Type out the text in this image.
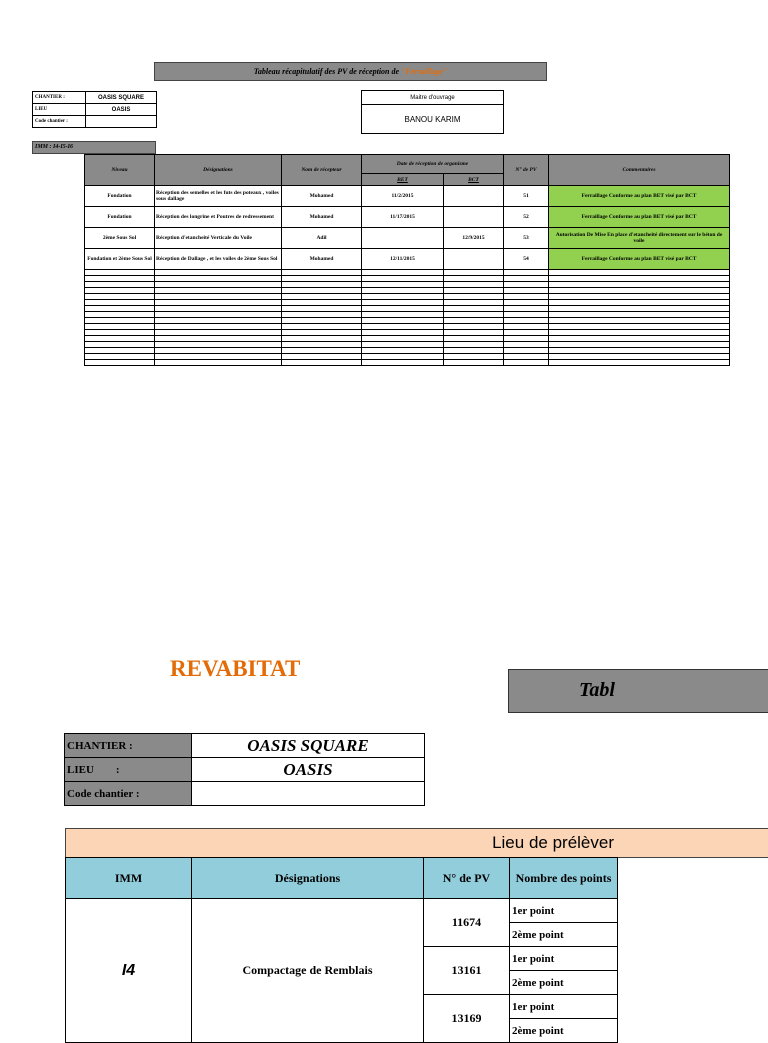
Tableau récapitulatif des PV de réception de "Ferraillage"
CHANTIER :	OASIS SQUARE
LIEU	OASIS
Code chantier :	
Maitre d'ouvrage
BANOU KARIM
IMM : I4-I5-I6
Niveau	Désignations	Nom de récepteur	Date de réception de organisme		N° de PV	Commentaires
			BET	BCT		
Fondation	Réception des semelles et les futs des poteaux , voiles sous dallage	Mohamed	11/2/2015		51	Ferraillage Conforme au plan BET visé par BCT
Fondation	Réception des longrine et Poutres de redressement	Mohamed	11/17/2015		52	Ferraillage Conforme au plan BET visé par BCT
2ème Sous Sol	Réception d'etancheité Verticale du Voile	Adil		12/9/2015	53	Autorisation De Mise En place d'etancheité directement sur le béton de voile
Fondation et 2ème Sous Sol	Réception de Dallage , et les voiles de 2ème Sous Sol	Mohamed	12/11/2015		54	Ferraillage Conforme au plan BET visé par BCT

REVABITAT
Tabl
CHANTIER :	OASIS SQUARE
LIEU        :	OASIS
Code chantier :	
Lieu de prélèver
IMM	Désignations	N° de PV	Nombre des points
I4	Compactage de Remblais	11674	1er point
			2ème point
		13161	1er point
			2ème point
		13169	1er point
			2ème point
